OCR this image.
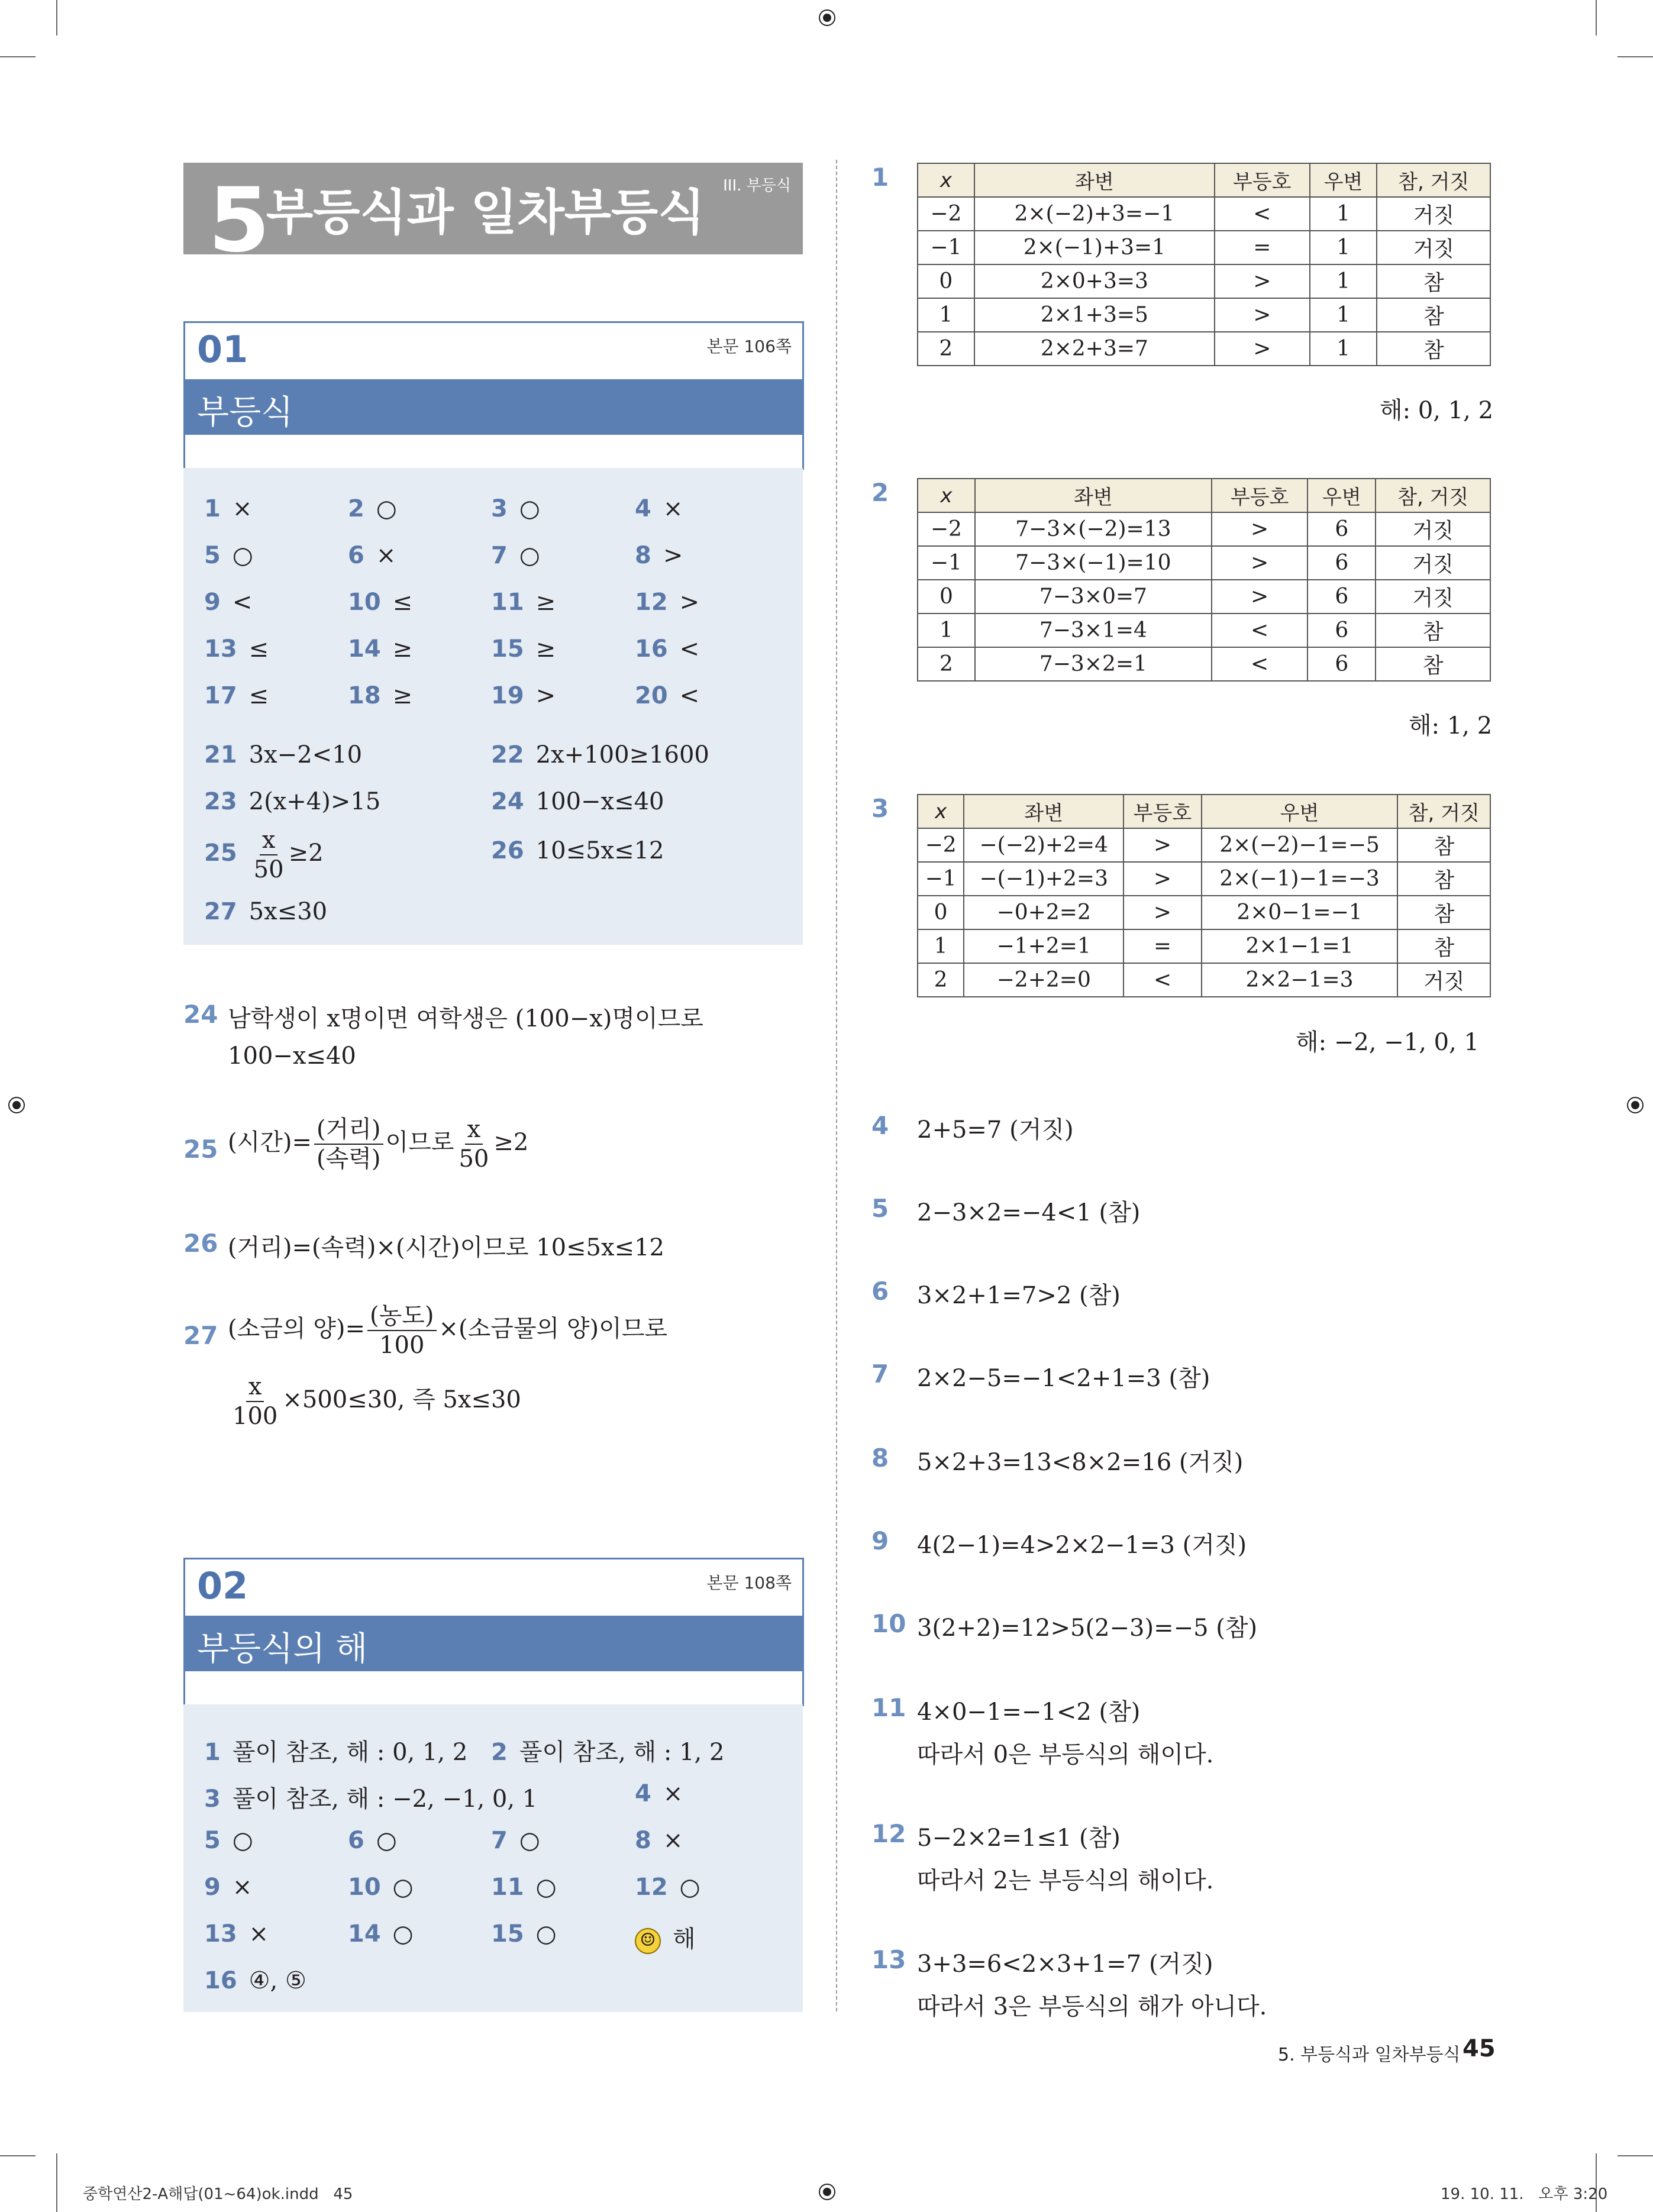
5
부등식과 일차부등식 III. 부등식
01	본문 106쪽
부등식
1 ×	2 ○	3 ○	4 ×
5 ○	6 ×	7 ○	8 >
9 <	10 ≤	11 ≥	12 >
13 ≤	14 ≥	15 ≥	16 <
17 ≤	18 ≥	19 >	20 <
21 3x−2<10	22 2x+100≥1600
23 2(x+4)>15	24 100−x≤40
$25 \frac{x}{50} \ge 2$	26 10≤5x≤12
27 5x≤30
24 남학생이 x명이면 여학생은 (100−x)명이므로
100−x≤40
25 (시간)= $\frac{\text{(거리)}}{\text{(속력)}}$ 이므로 $\frac{x}{50} \ge 2$
26 (거리)=(속력)×(시간)이므로 10≤5x≤12
27 (소금의 양)= $\frac{\text{(농도)}}{100}$ ×(소금물의 양)이므로
$\frac{x}{100} \times 500\le 30$, 즉 5x≤30
02	본문 108쪽
부등식의 해
1 풀이 참조, 해 : 0, 1, 2 2 풀이 참조, 해 : 1, 2
3 풀이 참조, 해 : −2, −1, 0, 1	4 ×
5 ○	6 ○	7 ○	8 ×
9 ×	10 ○	11 ○	12 ○
13 ×	14 ○	15 ○	☺ 해
16 ④, ⑤
1	x	좌변	부등호	우변	참, 거짓
−2	2×(−2)+3=−1	<	1	거짓
−1	2×(−1)+3=1	=	1	거짓
0	2×0+3=3	>	1	참
1	2×1+3=5	>	1	참
2	2×2+3=7	>	1	참
해: 0, 1, 2
2	x	좌변	부등호	우변	참, 거짓
−2	7−3×(−2)=13	>	6	거짓
−1	7−3×(−1)=10	>	6	거짓
0	7−3×0=7	>	6	거짓
1	7−3×1=4	<	6	참
2	7−3×2=1	<	6	참
해: 1, 2
3 x	좌변	부등호	우변	참, 거짓
−2	−(−2)+2=4	>	2×(−2)−1=−5	참
−1	−(−1)+2=3	>	2×(−1)−1=−3	참
0	−0+2=2	>	2×0−1=−1	참
1	−1+2=1	=	2×1−1=1	참
2	−2+2=0	<	2×2−1=3	거짓
해: −2, −1, 0, 1
4 2+5=7 (거짓)
5 2−3×2=−4<1 (참)
6 3×2+1=7>2 (참)
7 2×2−5=−1<2+1=3 (참)
8 5×2+3=13<8×2=16 (거짓)
9 4(2−1)=4>2×2−1=3 (거짓)
10 3(2+2)=12>5(2−3)=−5 (참)
11 4×0−1=−1<2 (참)
따라서 0은 부등식의 해이다.
12 5−2×2=1≤1 (참)
따라서 2는 부등식의 해이다.
13 3+3=6<2×3+1=7 (거짓)
따라서 3은 부등식의 해가 아니다.
5. 부등식과 일차부등식 45
중학연산2-A해답(01~64)ok.indd   45	19. 10. 11.   오후 3:20
